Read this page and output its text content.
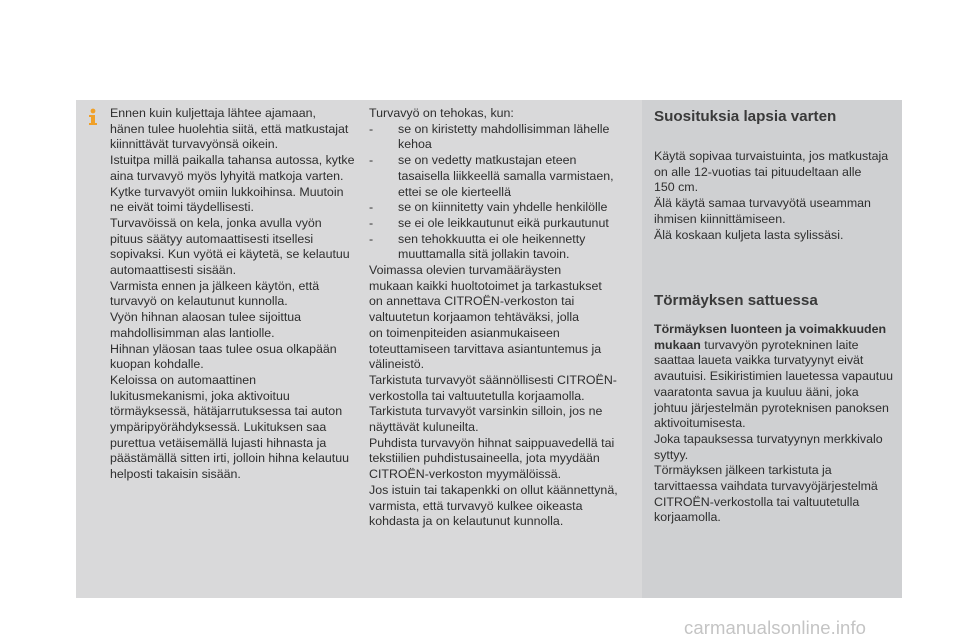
Ennen kuin kuljettaja lähtee ajamaan,
hänen tulee huolehtia siitä, että matkustajat
kiinnittävät turvavyönsä oikein.
Istuitpa millä paikalla tahansa autossa, kytke
aina turvavyö myös lyhyitä matkoja varten.
Kytke turvavyöt omiin lukkoihinsa. Muutoin
ne eivät toimi täydellisesti.
Turvavöissä on kela, jonka avulla vyön
pituus säätyy automaattisesti itsellesi
sopivaksi. Kun vyötä ei käytetä, se kelautuu
automaattisesti sisään.
Varmista ennen ja jälkeen käytön, että
turvavyö on kelautunut kunnolla.
Vyön hihnan alaosan tulee sijoittua
mahdollisimman alas lantiolle.
Hihnan yläosan taas tulee osua olkapään
kuopan kohdalle.
Keloissa on automaattinen
lukitusmekanismi, joka aktivoituu
törmäyksessä, hätäjarrutuksessa tai auton
ympäripyörähdyksessä. Lukituksen saa
purettua vetäisemällä lujasti hihnasta ja
päästämällä sitten irti, jolloin hihna kelautuu
helposti takaisin sisään.
Turvavyö on tehokas, kun:
- se on kiristetty mahdollisimman lähelle
kehoa
- se on vedetty matkustajan eteen
tasaisella liikkeellä samalla varmistaen,
ettei se ole kierteellä
- se on kiinnitetty vain yhdelle henkilölle
- se ei ole leikkautunut eikä purkautunut
- sen tehokkuutta ei ole heikennetty
muuttamalla sitä jollakin tavoin.
Voimassa olevien turvamääräysten
mukaan kaikki huoltotoimet ja tarkastukset
on annettava CITROËN-verkoston tai
valtuutetun korjaamon tehtäväksi, jolla
on toimenpiteiden asianmukaiseen
toteuttamiseen tarvittava asiantuntemus ja
välineistö.
Tarkistuta turvavyöt säännöllisesti CITROËN-
verkostolla tai valtuutetulla korjaamolla.
Tarkistuta turvavyöt varsinkin silloin, jos ne
näyttävät kuluneilta.
Puhdista turvavyön hihnat saippuavedellä tai
tekstiilien puhdistusaineella, jota myydään
CITROËN-verkoston myymälöissä.
Jos istuin tai takapenkki on ollut käännettynä,
varmista, että turvavyö kulkee oikeasta
kohdasta ja on kelautunut kunnolla.
Suosituksia lapsia varten
Käytä sopivaa turvaistuinta, jos matkustaja
on alle 12-vuotias tai pituudeltaan alle
150 cm.
Älä käytä samaa turvavyötä useamman
ihmisen kiinnittämiseen.
Älä koskaan kuljeta lasta sylissäsi.
Törmäyksen sattuessa
Törmäyksen luonteen ja voimakkuuden
mukaan turvavyön pyrotekninen laite
saattaa laueta vaikka turvatyynyt eivät
avautuisi. Esikiristimien lauetessa vapautuu
vaaratonta savua ja kuuluu ääni, joka
johtuu järjestelmän pyroteknisen panoksen
aktivoitumisesta.
Joka tapauksessa turvatyynyn merkkivalo
syttyy.
Törmäyksen jälkeen tarkistuta ja
tarvittaessa vaihdata turvavyöjärjestelmä
CITROËN-verkostolla tai valtuutetulla
korjaamolla.
carmanualsonline.info
